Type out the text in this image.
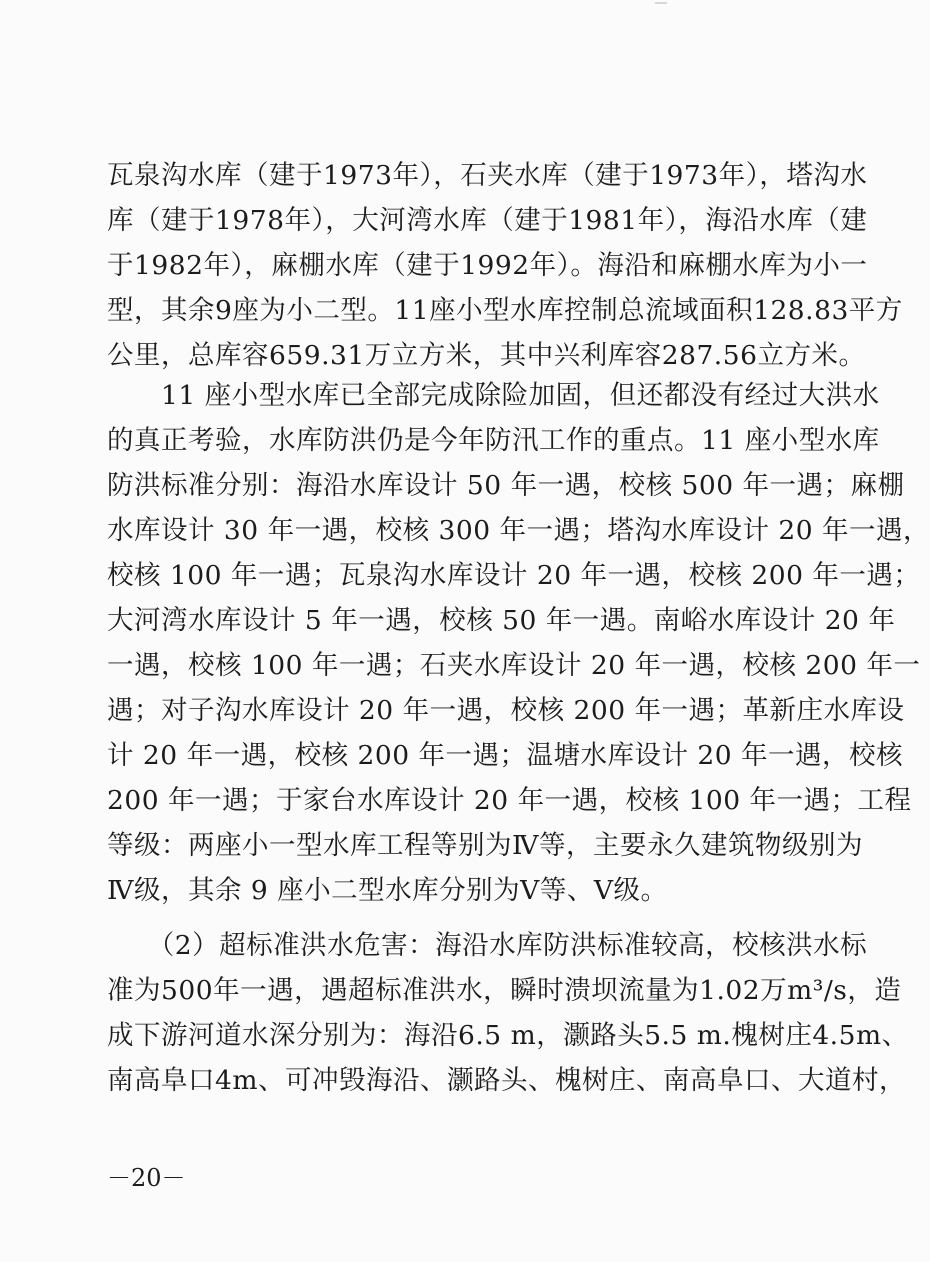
瓦泉沟水库（建于1973年），石夹水库（建于1973年），塔沟水
库（建于1978年），大河湾水库（建于1981年），海沿水库（建
于1982年），麻棚水库（建于1992年）。海沿和麻棚水库为小一
型，其余9座为小二型。11座小型水库控制总流域面积128.83平方
公里，总库容659.31万立方米，其中兴利库容287.56立方米。
　　11 座小型水库已全部完成除险加固，但还都没有经过大洪水
的真正考验，水库防洪仍是今年防汛工作的重点。11 座小型水库
防洪标准分别：海沿水库设计 50 年一遇，校核 500 年一遇；麻棚
水库设计 30 年一遇，校核 300 年一遇；塔沟水库设计 20 年一遇，
校核 100 年一遇；瓦泉沟水库设计 20 年一遇，校核 200 年一遇；
大河湾水库设计 5 年一遇，校核 50 年一遇。南峪水库设计 20 年
一遇，校核 100 年一遇；石夹水库设计 20 年一遇，校核 200 年一
遇；对子沟水库设计 20 年一遇，校核 200 年一遇；革新庄水库设
计 20 年一遇，校核 200 年一遇；温塘水库设计 20 年一遇，校核
200 年一遇；于家台水库设计 20 年一遇，校核 100 年一遇；工程
等级：两座小一型水库工程等别为Ⅳ等，主要永久建筑物级别为
Ⅳ级，其余 9 座小二型水库分别为Ⅴ等、Ⅴ级。
　　（2）超标准洪水危害：海沿水库防洪标准较高，校核洪水标
准为500年一遇，遇超标准洪水，瞬时溃坝流量为1.02万m³/s，造
成下游河道水深分别为：海沿6.5 m，灏路头5.5 m.槐树庄4.5m、
南高阜口4m、可冲毁海沿、灏路头、槐树庄、南高阜口、大道村，
－20－
